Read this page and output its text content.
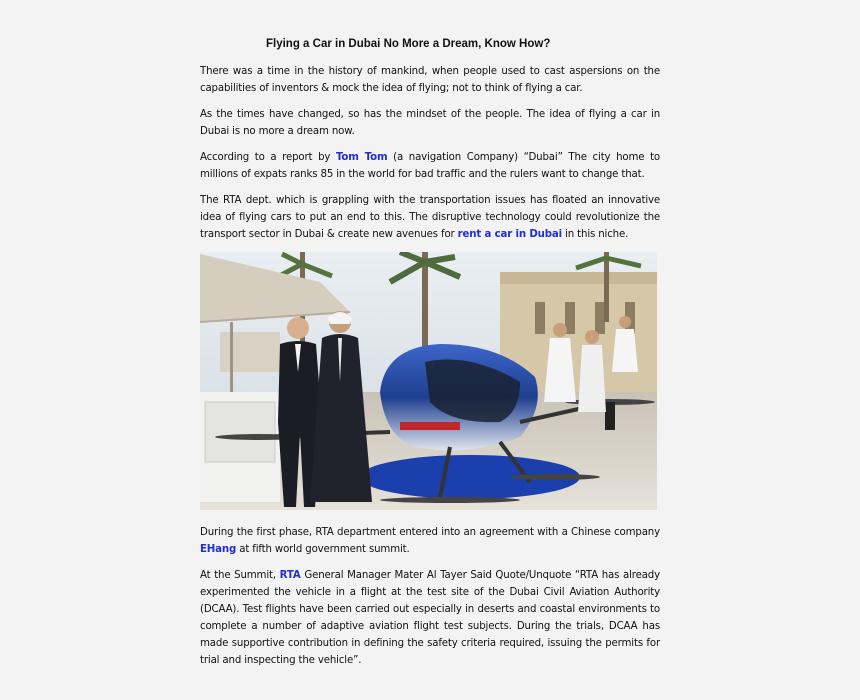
Flying a Car in Dubai No More a Dream, Know How?

There was a time in the history of mankind, when people used to cast aspersions on the capabilities of inventors & mock the idea of flying; not to think of flying a car.

As the times have changed, so has the mindset of the people. The idea of flying a car in Dubai is no more a dream now.

According to a report by Tom Tom (a navigation Company) “Dubai” The city home to millions of expats ranks 85 in the world for bad traffic and the rulers want to change that.

The RTA dept. which is grappling with the transportation issues has floated an innovative idea of flying cars to put an end to this. The disruptive technology could revolutionize the transport sector in Dubai & create new avenues for rent a car in Dubai in this niche.

During the first phase, RTA department entered into an agreement with a Chinese company EHang at fifth world government summit.

At the Summit, RTA General Manager Mater Al Tayer Said Quote/Unquote “RTA has already experimented the vehicle in a flight at the test site of the Dubai Civil Aviation Authority (DCAA). Test flights have been carried out especially in deserts and coastal environments to complete a number of adaptive aviation flight test subjects. During the trials, DCAA has made supportive contribution in defining the safety criteria required, issuing the permits for trial and inspecting the vehicle”.
